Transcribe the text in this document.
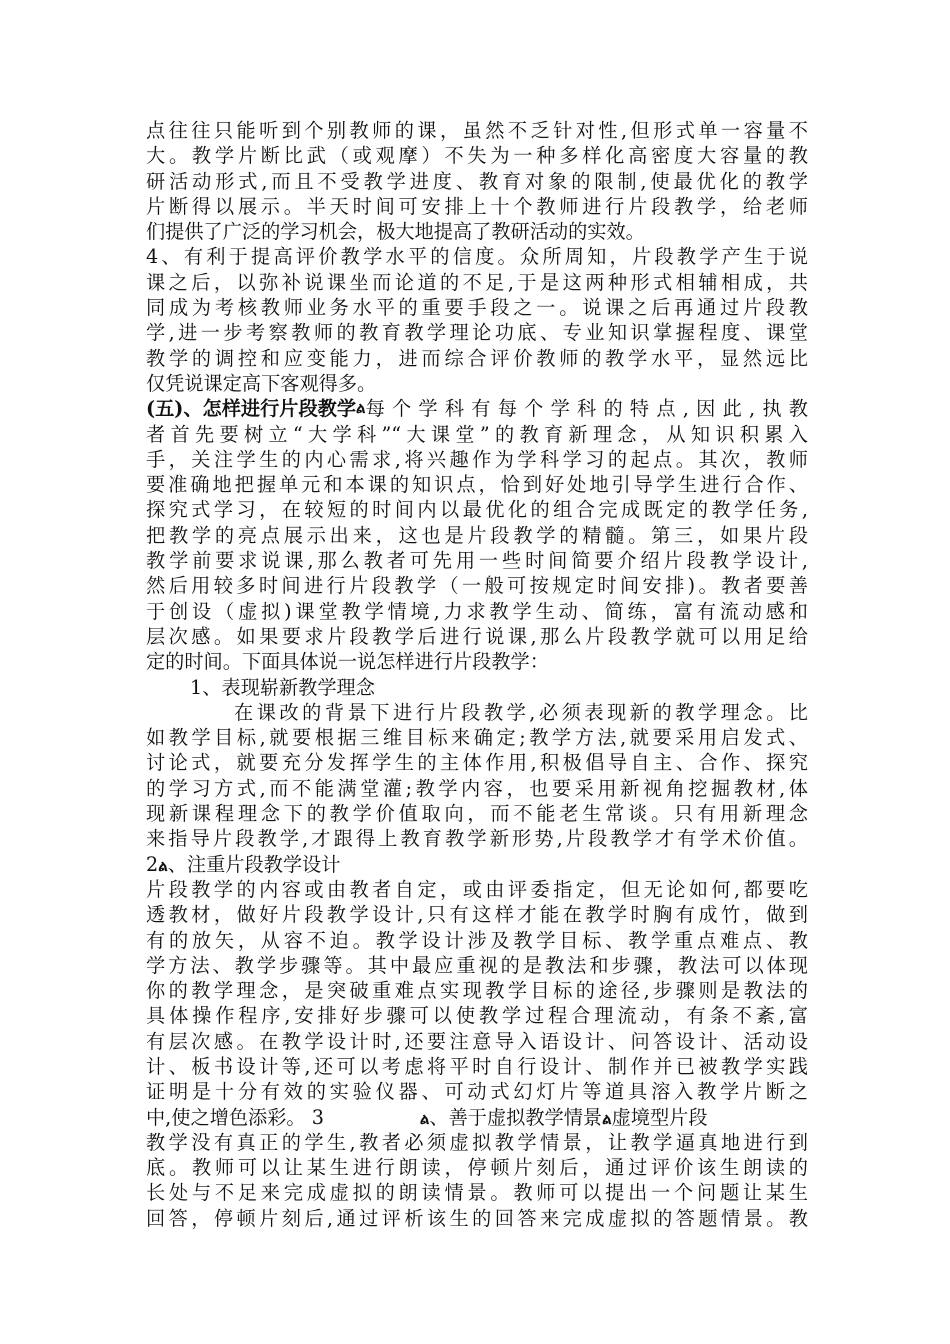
点往往只能听到个别教师的课，虽然不乏针对性,但形式单一容量不
大。教学片断比武（或观摩）不失为一种多样化高密度大容量的教
研活动形式,而且不受教学进度、教育对象的限制,使最优化的教学
片断得以展示。半天时间可安排上十个教师进行片段教学，给老师
们提供了广泛的学习机会，极大地提高了教研活动的实效。
4、有利于提高评价教学水平的信度。众所周知，片段教学产生于说
课之后，以弥补说课坐而论道的不足,于是这两种形式相辅相成，共
同成为考核教师业务水平的重要手段之一。说课之后再通过片段教
学,进一步考察教师的教育教学理论功底、专业知识掌握程度、课堂
教学的调控和应变能力，进而综合评价教师的教学水平，显然远比
仅凭说课定高下客观得多。
(五)、怎样进行片段教学 ል 每个学科有每个学科的特点,因此,执教
者首先要树立“大学科”“大课堂”的教育新理念，从知识积累入
手，关注学生的内心需求,将兴趣作为学科学习的起点。其次，教师
要准确地把握单元和本课的知识点，恰到好处地引导学生进行合作、
探究式学习，在较短的时间内以最优化的组合完成既定的教学任务,
把教学的亮点展示出来，这也是片段教学的精髓。第三，如果片段
教学前要求说课,那么教者可先用一些时间简要介绍片段教学设计,
然后用较多时间进行片段教学（一般可按规定时间安排)。教者要善
于创设（虚拟)课堂教学情境,力求教学生动、简练，富有流动感和
层次感。如果要求片段教学后进行说课,那么片段教学就可以用足给
定的时间。下面具体说一说怎样进行片段教学：
1、表现崭新教学理念
在课改的背景下进行片段教学,必须表现新的教学理念。比
如教学目标,就要根据三维目标来确定;教学方法,就要采用启发式、
讨论式，就要充分发挥学生的主体作用,积极倡导自主、合作、探究
的学习方式,而不能满堂灌;教学内容，也要采用新视角挖掘教材,体
现新课程理念下的教学价值取向，而不能老生常谈。只有用新理念
来指导片段教学,才跟得上教育教学新形势,片段教学才有学术价值。
2ል、注重片段教学设计
片段教学的内容或由教者自定，或由评委指定，但无论如何,都要吃
透教材，做好片段教学设计,只有这样才能在教学时胸有成竹，做到
有的放矢，从容不迫。教学设计涉及教学目标、教学重点难点、教
学方法、教学步骤等。其中最应重视的是教法和步骤，教法可以体现
你的教学理念，是突破重难点实现教学目标的途径,步骤则是教法的
具体操作程序,安排好步骤可以使教学过程合理流动，有条不紊,富
有层次感。在教学设计时,还要注意导入语设计、问答设计、活动设
计、板书设计等,还可以考虑将平时自行设计、制作并已被教学实践
证明是十分有效的实验仪器、可动式幻灯片等道具溶入教学片断之
中,使之增色添彩。 3	ል、善于虚拟教学情景ል虚境型片段
教学没有真正的学生,教者必须虚拟教学情景，让教学逼真地进行到
底。教师可以让某生进行朗读，停顿片刻后，通过评价该生朗读的
长处与不足来完成虚拟的朗读情景。教师可以提出一个问题让某生
回答，停顿片刻后,通过评析该生的回答来完成虚拟的答题情景。教
